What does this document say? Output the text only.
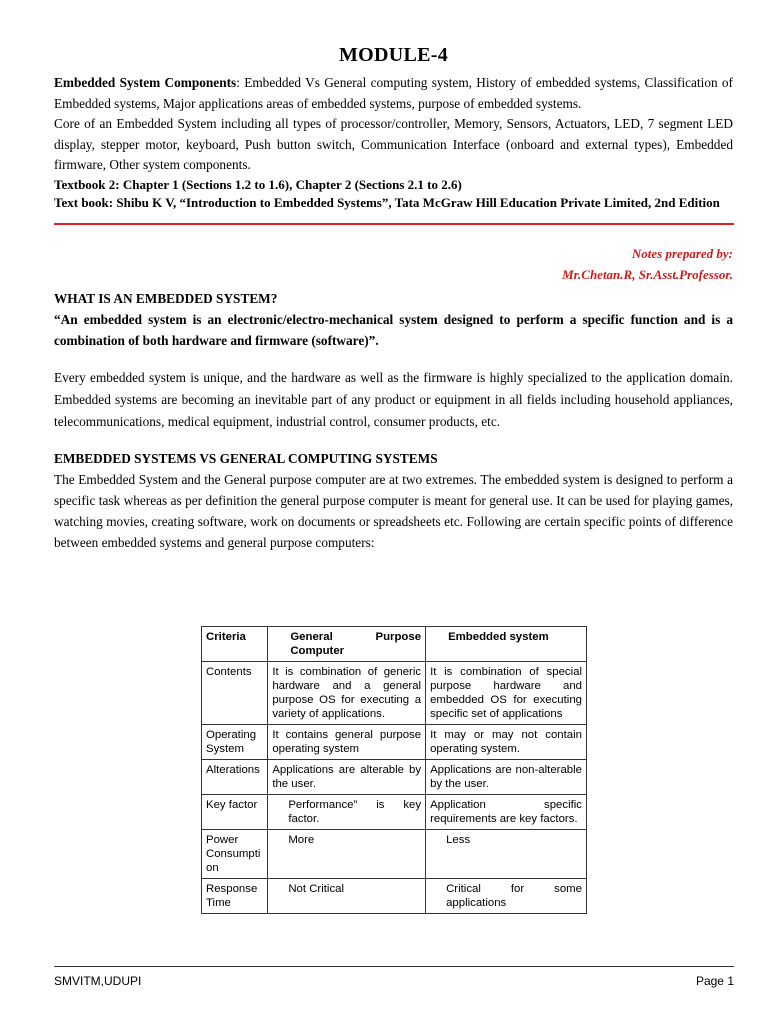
MODULE-4

Embedded System Components: Embedded Vs General computing system, History of embedded systems, Classification of Embedded systems, Major applications areas of embedded systems, purpose of embedded systems.

Core of an Embedded System including all types of processor/controller, Memory, Sensors, Actuators, LED, 7 segment LED display, stepper motor, keyboard, Push button switch, Communication Interface (onboard and external types), Embedded firmware, Other system components.

Textbook 2: Chapter 1 (Sections 1.2 to 1.6), Chapter 2 (Sections 2.1 to 2.6)

Text book: Shibu K V, “Introduction to Embedded Systems”, Tata McGraw Hill Education Private Limited, 2nd Edition

Notes prepared by:
Mr.Chetan.R, Sr.Asst.Professor.

WHAT IS AN EMBEDDED SYSTEM?

“An embedded system is an electronic/electro-mechanical system designed to perform a specific function and is a combination of both hardware and firmware (software)”.

Every embedded system is unique, and the hardware as well as the firmware is highly specialized to the application domain. Embedded systems are becoming an inevitable part of any product or equipment in all fields including household appliances, telecommunications, medical equipment, industrial control, consumer products, etc.

EMBEDDED SYSTEMS VS GENERAL COMPUTING SYSTEMS

The Embedded System and the General purpose computer are at two extremes. The embedded system is designed to perform a specific task whereas as per definition the general purpose computer is meant for general use. It can be used for playing games, watching movies, creating software, work on documents or spreadsheets etc. Following are certain specific points of difference between embedded systems and general purpose computers:

Criteria	General Purpose Computer	Embedded system
Contents	It is combination of generic hardware and a general purpose OS for executing a variety of applications.	It is combination of special purpose hardware and embedded OS for executing specific set of applications
Operating System	It contains general purpose operating system	It may or may not contain operating system.
Alterations	Applications are alterable by the user.	Applications are non-alterable by the user.
Key factor	Performance” is key factor.	Application specific requirements are key factors.
Power Consumpti on	More	Less
Response Time	Not Critical	Critical for some applications
SMVITM,UDUPI	Page 1
